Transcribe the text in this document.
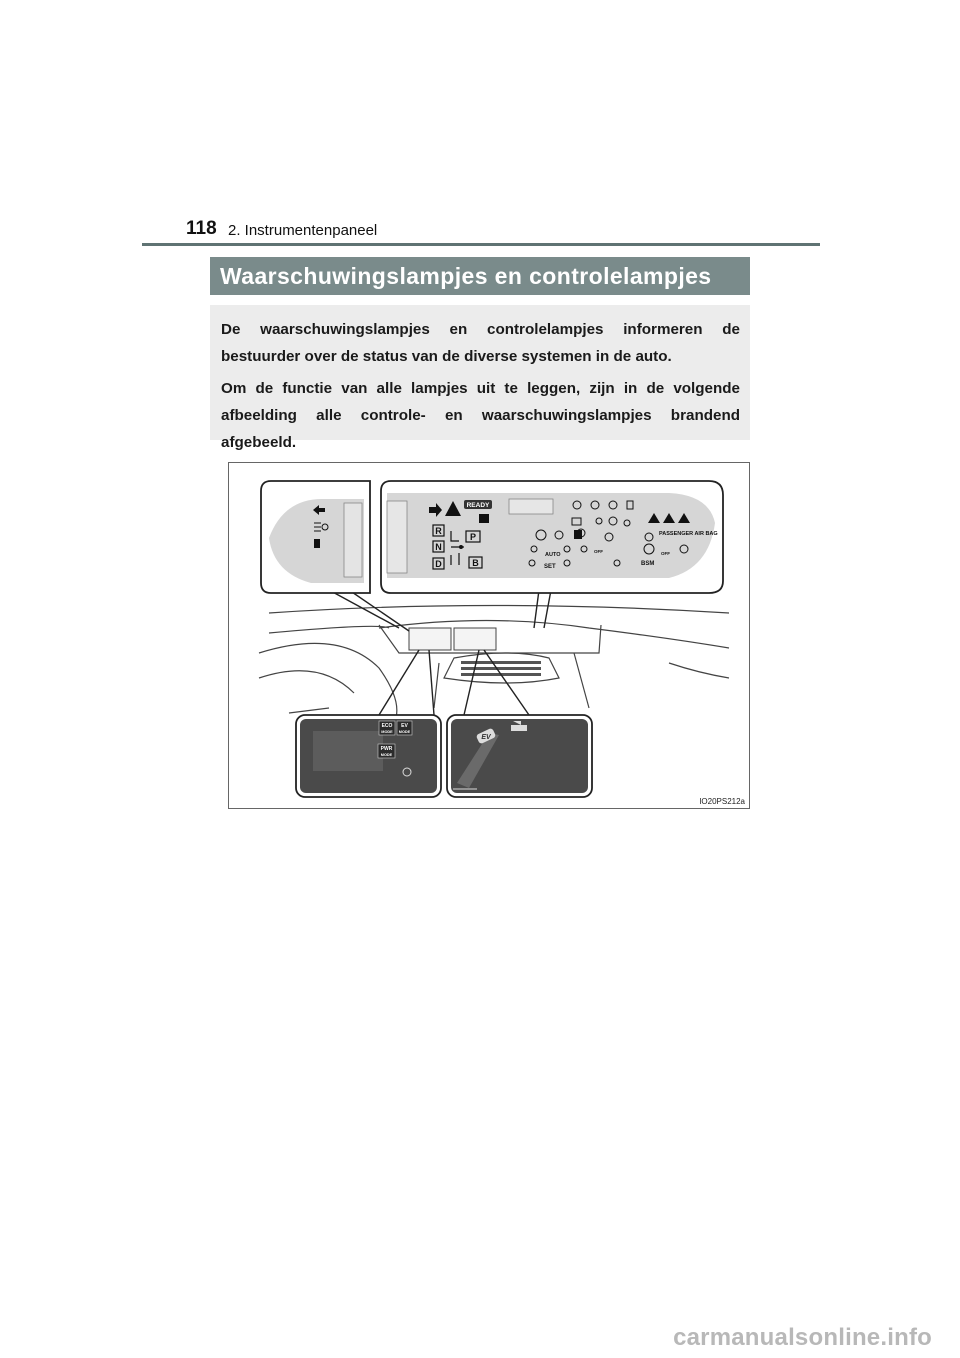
118 2. Instrumentenpaneel
Waarschuwingslampjes en controlelampjes

De waarschuwingslampjes en controlelampjes informeren de bestuurder over de status van de diverse systemen in de auto.

Om de functie van alle lampjes uit te leggen, zijn in de volgende afbeelding alle controle- en waarschuwingslampjes brandend afgebeeld.

READY
R
N
D
P
B
PASSENGER AIR BAG
AUTO
SET
OFF	OFF
BSM
ECO
MODE
EV
MODE
PWR
MODE
EV
IO20PS212a
carmanualsonline.info
